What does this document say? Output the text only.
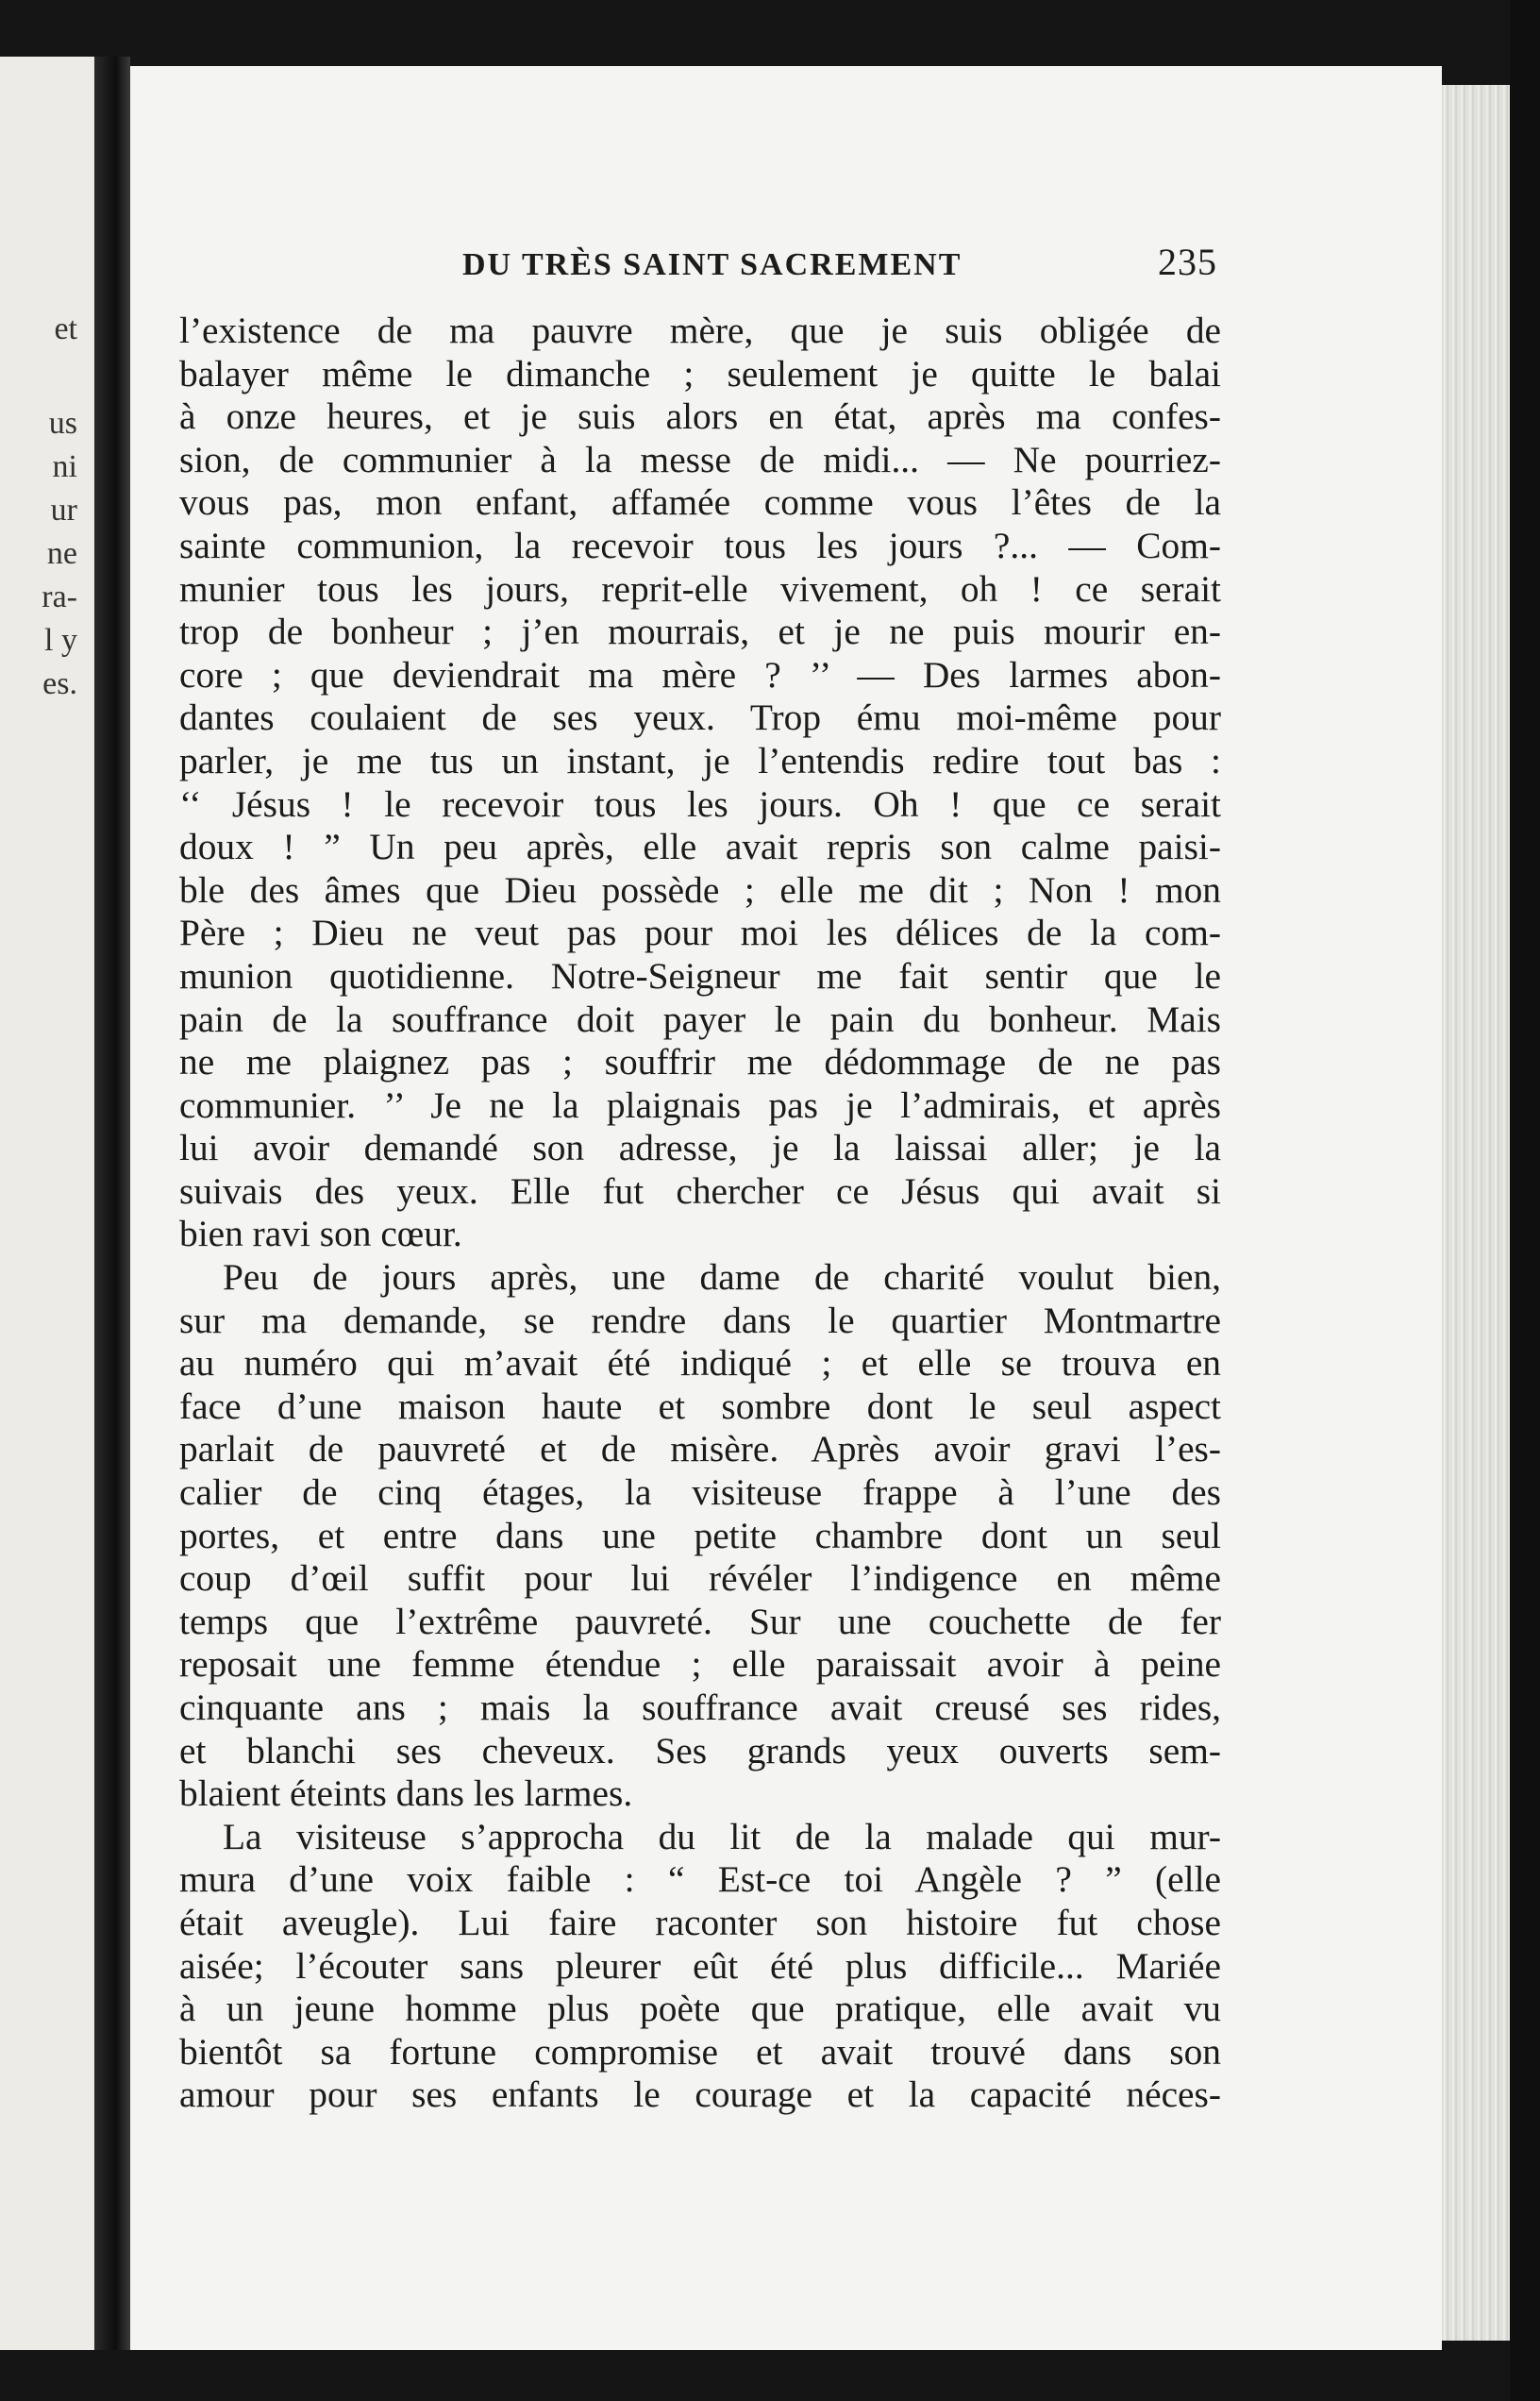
et
us
ni
ur
ne
ra-
l y
es.
DU TRÈS SAINT SACREMENT	235
l’existence de ma pauvre mère, que je suis obligée de
balayer même le dimanche ; seulement je quitte le balai
à onze heures, et je suis alors en état, après ma confes-
sion, de communier à la messe de midi... — Ne pourriez-
vous pas, mon enfant, affamée comme vous l’êtes de la
sainte communion, la recevoir tous les jours ?... — Com-
munier tous les jours, reprit-elle vivement, oh ! ce serait
trop de bonheur ; j’en mourrais, et je ne puis mourir en-
core ; que deviendrait ma mère ? ’’ — Des larmes abon-
dantes coulaient de ses yeux. Trop ému moi-même pour
parler, je me tus un instant, je l’entendis redire tout bas :
‘‘ Jésus ! le recevoir tous les jours. Oh ! que ce serait
doux ! ” Un peu après, elle avait repris son calme paisi-
ble des âmes que Dieu possède ; elle me dit ; Non ! mon
Père ; Dieu ne veut pas pour moi les délices de la com-
munion quotidienne. Notre-Seigneur me fait sentir que le
pain de la souffrance doit payer le pain du bonheur. Mais
ne me plaignez pas ; souffrir me dédommage de ne pas
communier. ’’ Je ne la plaignais pas je l’admirais, et après
lui avoir demandé son adresse, je la laissai aller; je la
suivais des yeux. Elle fut chercher ce Jésus qui avait si
bien ravi son cœur.
Peu de jours après, une dame de charité voulut bien,
sur ma demande, se rendre dans le quartier Montmartre
au numéro qui m’avait été indiqué ; et elle se trouva en
face d’une maison haute et sombre dont le seul aspect
parlait de pauvreté et de misère. Après avoir gravi l’es-
calier de cinq étages, la visiteuse frappe à l’une des
portes, et entre dans une petite chambre dont un seul
coup d’œil suffit pour lui révéler l’indigence en même
temps que l’extrême pauvreté. Sur une couchette de fer
reposait une femme étendue ; elle paraissait avoir à peine
cinquante ans ; mais la souffrance avait creusé ses rides,
et blanchi ses cheveux. Ses grands yeux ouverts sem-
blaient éteints dans les larmes.
La visiteuse s’approcha du lit de la malade qui mur-
mura d’une voix faible : “ Est-ce toi Angèle ? ” (elle
était aveugle). Lui faire raconter son histoire fut chose
aisée; l’écouter sans pleurer eût été plus difficile... Mariée
à un jeune homme plus poète que pratique, elle avait vu
bientôt sa fortune compromise et avait trouvé dans son
amour pour ses enfants le courage et la capacité néces-
